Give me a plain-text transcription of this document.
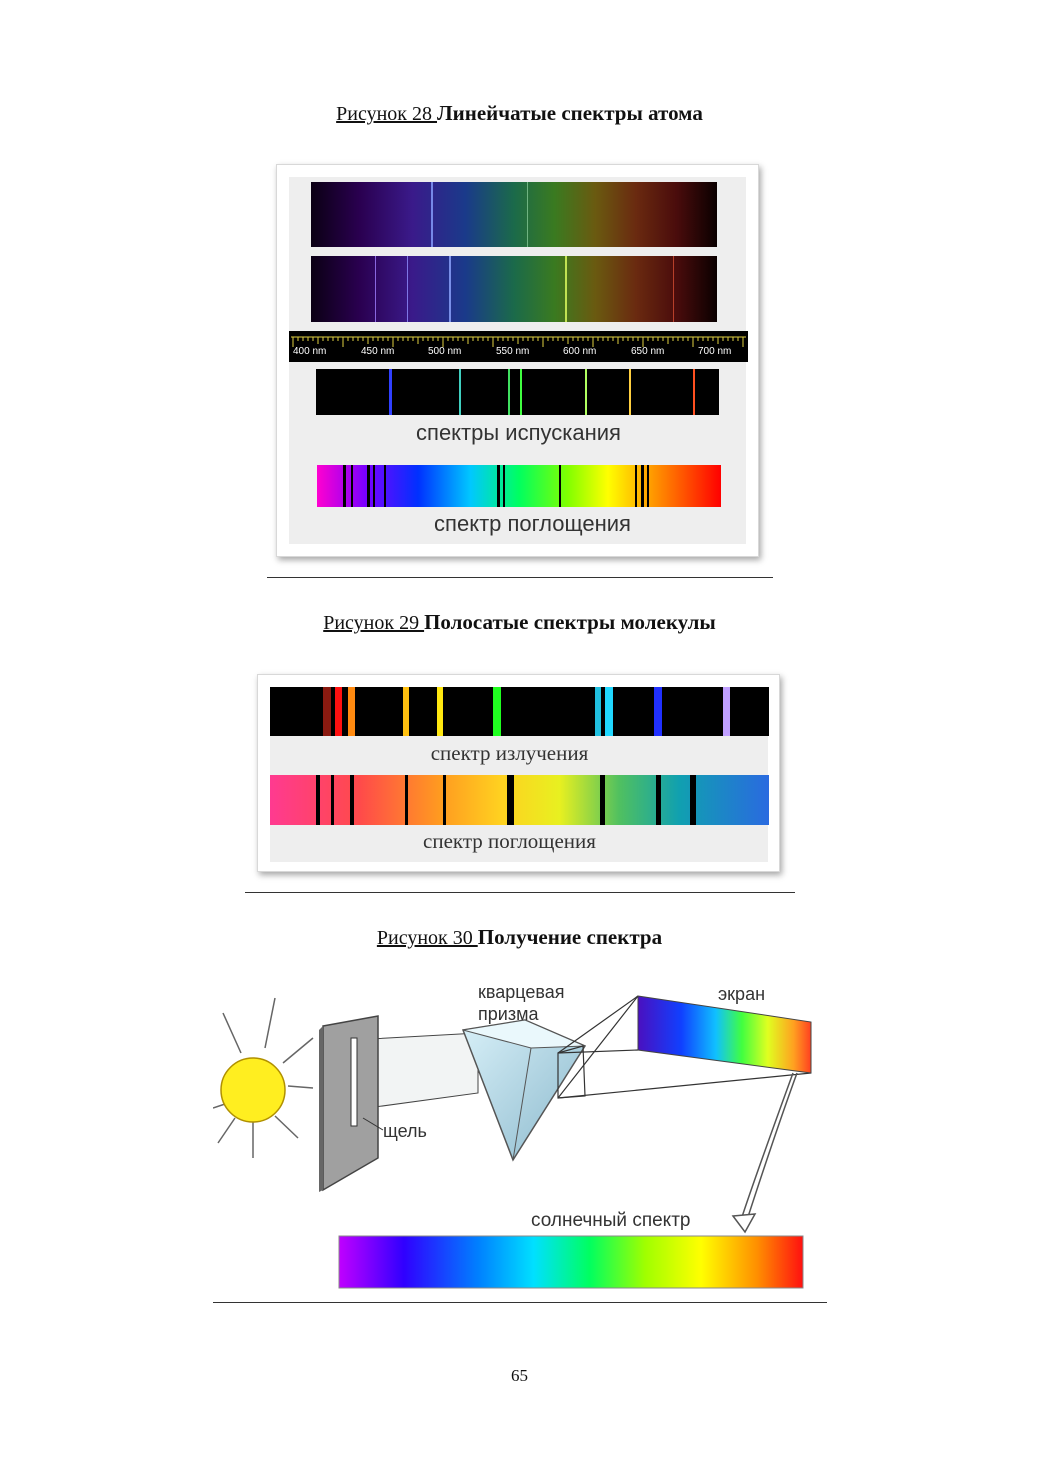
Рисунок 28 Линейчатые спектры атома
400 nm	450 nm	500 nm	550 nm	600 nm	650 nm	700 nm
спектры испускания
спектр поглощения
Рисунок 29 Полосатые спектры молекулы
спектр излучения
спектр поглощения
Рисунок 30 Получение спектра
кварцевая
призма
экран
щель
солнечный спектр
65
